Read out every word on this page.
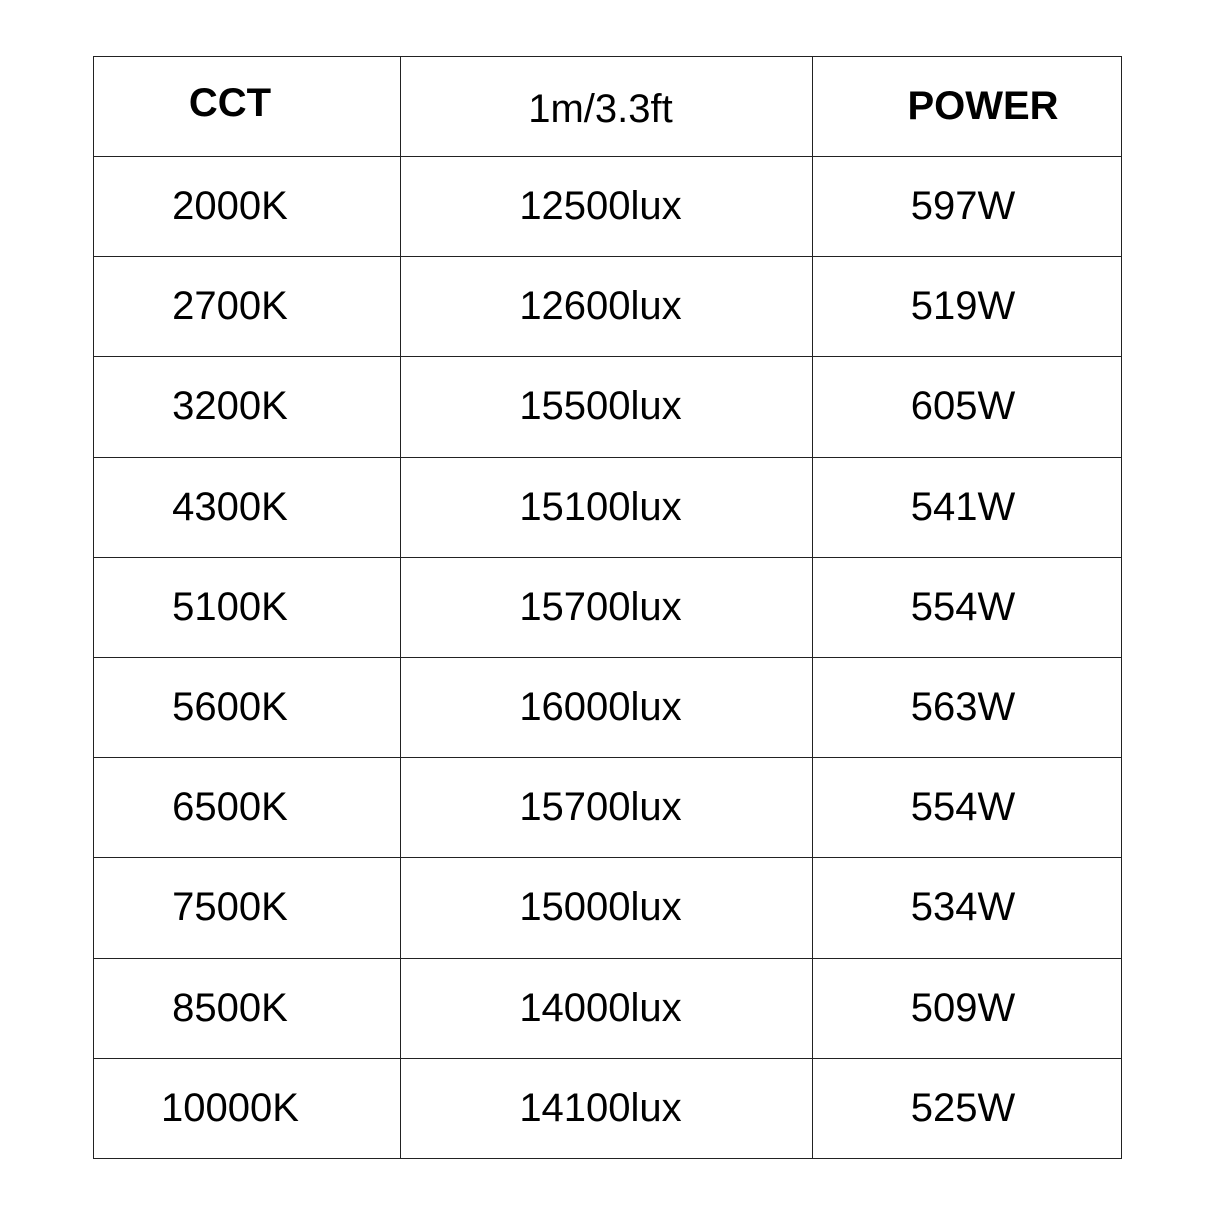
CCT	1m/3.3ft	POWER
2000K	12500lux	597W
2700K	12600lux	519W
3200K	15500lux	605W
4300K	15100lux	541W
5100K	15700lux	554W
5600K	16000lux	563W
6500K	15700lux	554W
7500K	15000lux	534W
8500K	14000lux	509W
10000K	14100lux	525W
